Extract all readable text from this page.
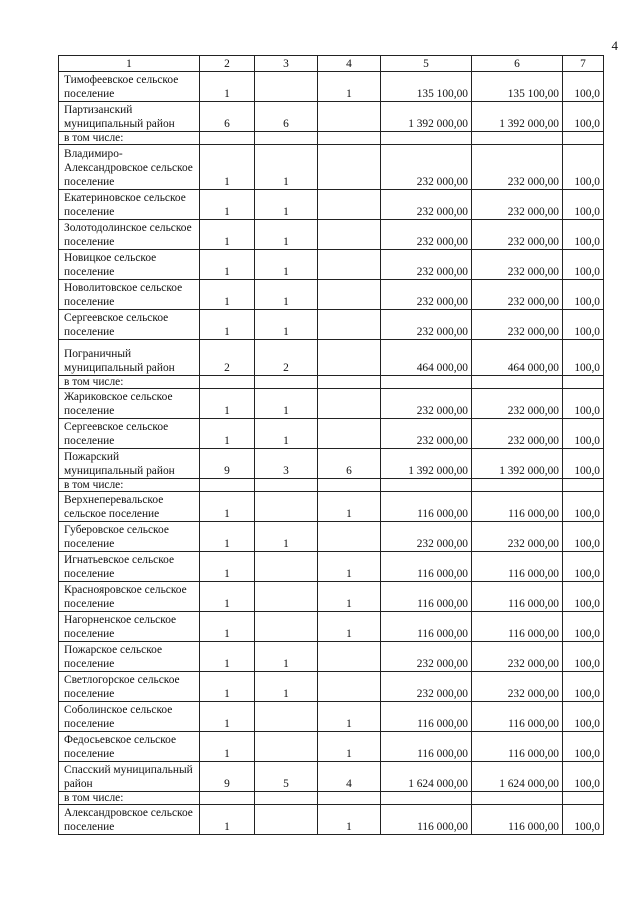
4
1	2	3	4	5	6	7
Тимофеевское сельское поселение	1		1	135 100,00	135 100,00	100,0
Партизанский муниципальный район	6	6		1 392 000,00	1 392 000,00	100,0
в том числе:						
Владимиро-Александровское сельское поселение	1	1		232 000,00	232 000,00	100,0
Екатериновское сельское поселение	1	1		232 000,00	232 000,00	100,0
Золотодолинское сельское поселение	1	1		232 000,00	232 000,00	100,0
Новицкое сельское поселение	1	1		232 000,00	232 000,00	100,0
Новолитовское сельское поселение	1	1		232 000,00	232 000,00	100,0
Сергеевское сельское поселение	1	1		232 000,00	232 000,00	100,0
Пограничный муниципальный район	2	2		464 000,00	464 000,00	100,0
в том числе:						
Жариковское сельское поселение	1	1		232 000,00	232 000,00	100,0
Сергеевское сельское поселение	1	1		232 000,00	232 000,00	100,0
Пожарский муниципальный район	9	3	6	1 392 000,00	1 392 000,00	100,0
в том числе:						
Верхнеперевальское сельское поселение	1		1	116 000,00	116 000,00	100,0
Губеровское сельское поселение	1	1		232 000,00	232 000,00	100,0
Игнатьевское сельское поселение	1		1	116 000,00	116 000,00	100,0
Краснояровское сельское поселение	1		1	116 000,00	116 000,00	100,0
Нагорненское сельское поселение	1		1	116 000,00	116 000,00	100,0
Пожарское сельское поселение	1	1		232 000,00	232 000,00	100,0
Светлогорское сельское поселение	1	1		232 000,00	232 000,00	100,0
Соболинское сельское поселение	1		1	116 000,00	116 000,00	100,0
Федосьевское сельское поселение	1		1	116 000,00	116 000,00	100,0
Спасский муниципальный район	9	5	4	1 624 000,00	1 624 000,00	100,0
в том числе:						
Александровское сельское поселение	1		1	116 000,00	116 000,00	100,0
